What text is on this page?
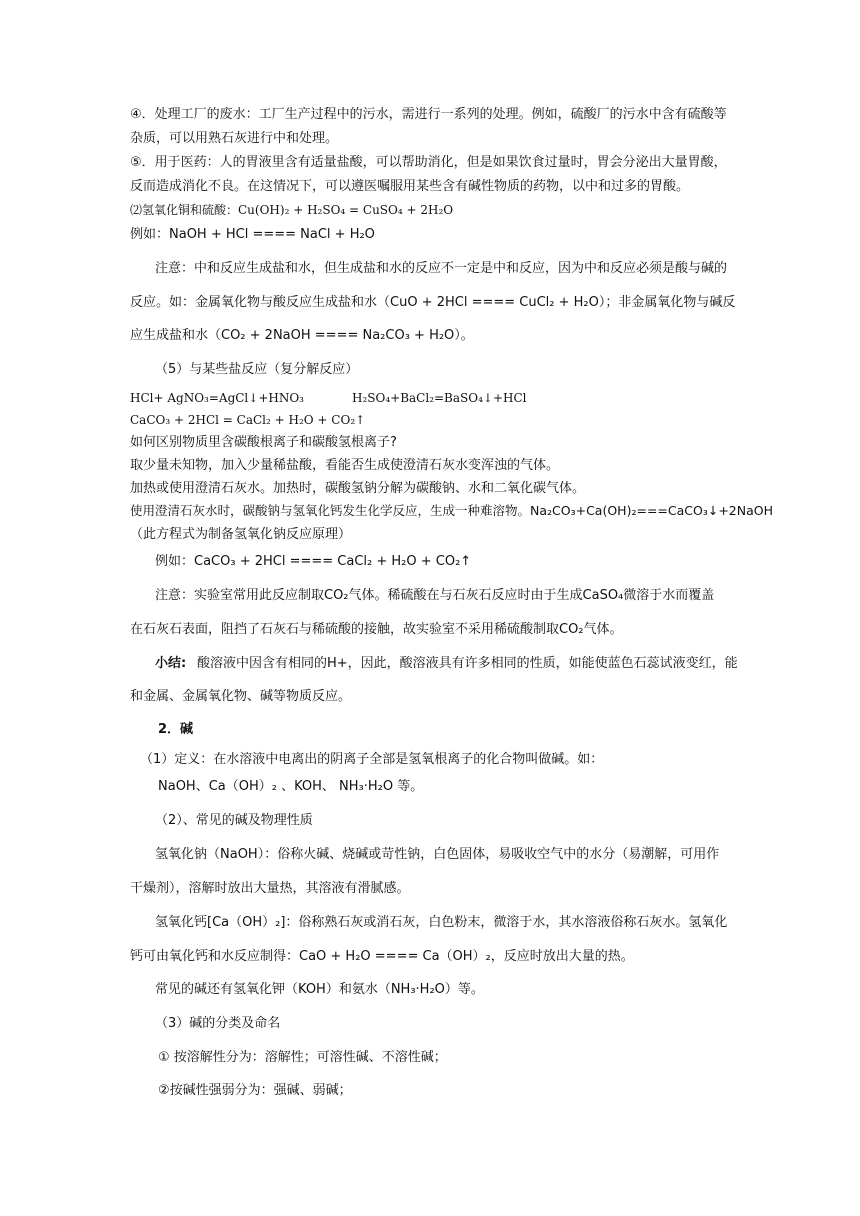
④．处理工厂的废水：工厂生产过程中的污水，需进行一系列的处理。例如，硫酸厂的污水中含有硫酸等
杂质，可以用熟石灰进行中和处理。
⑤．用于医药：人的胃液里含有适量盐酸，可以帮助消化，但是如果饮食过量时，胃会分泌出大量胃酸，
反而造成消化不良。在这情况下，可以遵医嘱服用某些含有碱性物质的药物，以中和过多的胃酸。
⑵氢氧化铜和硫酸：Cu(OH)₂ + H₂SO₄ = CuSO₄ + 2H₂O
例如：NaOH + HCl ==== NaCl + H₂O
注意：中和反应生成盐和水，但生成盐和水的反应不一定是中和反应，因为中和反应必须是酸与碱的
反应。如：金属氧化物与酸反应生成盐和水（CuO + 2HCl ==== CuCl₂ + H₂O）；非金属氧化物与碱反
应生成盐和水（CO₂ + 2NaOH ==== Na₂CO₃ + H₂O）。
（5）与某些盐反应（复分解反应）
HCl+ AgNO₃=AgCl↓+HNO₃	H₂SO₄+BaCl₂=BaSO₄↓+HCl
CaCO₃ + 2HCl = CaCl₂ + H₂O + CO₂↑
如何区别物质里含碳酸根离子和碳酸氢根离子?
取少量未知物，加入少量稀盐酸，看能否生成使澄清石灰水变浑浊的气体。
加热或使用澄清石灰水。加热时，碳酸氢钠分解为碳酸钠、水和二氧化碳气体。
使用澄清石灰水时，碳酸钠与氢氧化钙发生化学反应，生成一种难溶物。Na₂CO₃+Ca(OH)₂===CaCO₃↓+2NaOH
（此方程式为制备氢氧化钠反应原理）
例如：CaCO₃ + 2HCl ==== CaCl₂ + H₂O + CO₂↑
注意：实验室常用此反应制取CO₂气体。稀硫酸在与石灰石反应时由于生成CaSO₄微溶于水而覆盖
在石灰石表面，阻挡了石灰石与稀硫酸的接触，故实验室不采用稀硫酸制取CO₂气体。
小结: 酸溶液中因含有相同的H+，因此，酸溶液具有许多相同的性质，如能使蓝色石蕊试液变红，能
和金属、金属氧化物、碱等物质反应。
2．碱
（1）定义：在水溶液中电离出的阴离子全部是氢氧根离子的化合物叫做碱。如：
NaOH、Ca（OH）₂ 、KOH、 NH₃·H₂O 等。
（2）、常见的碱及物理性质
氢氧化钠（NaOH）：俗称火碱、烧碱或苛性钠，白色固体，易吸收空气中的水分（易潮解，可用作
干燥剂），溶解时放出大量热，其溶液有滑腻感。
氢氧化钙[Ca（OH）₂]：俗称熟石灰或消石灰，白色粉末，微溶于水，其水溶液俗称石灰水。氢氧化
钙可由氧化钙和水反应制得：CaO + H₂O ==== Ca（OH）₂，反应时放出大量的热。
常见的碱还有氢氧化钾（KOH）和氨水（NH₃·H₂O）等。
（3）碱的分类及命名
① 按溶解性分为：溶解性；可溶性碱、不溶性碱；
②按碱性强弱分为：强碱、弱碱；
